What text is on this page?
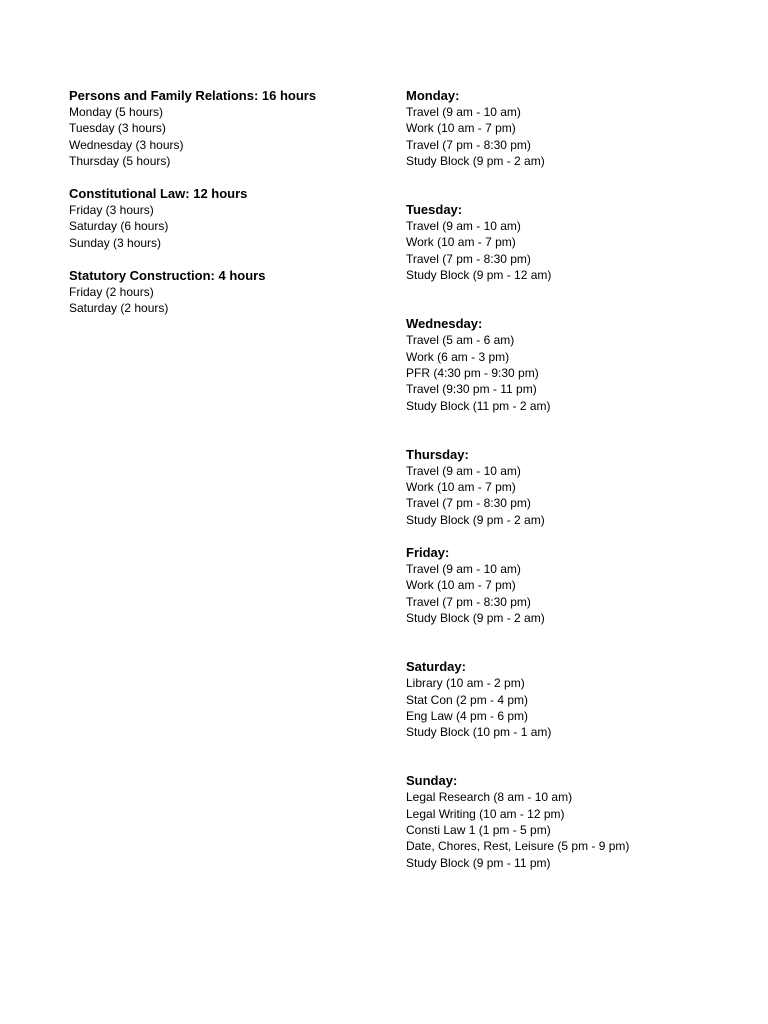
Persons and Family Relations: 16 hours
Monday (5 hours)
Tuesday (3 hours)
Wednesday (3 hours)
Thursday (5 hours)
Constitutional Law: 12 hours
Friday (3 hours)
Saturday (6 hours)
Sunday (3 hours)
Statutory Construction: 4 hours
Friday (2 hours)
Saturday (2 hours)
Monday:
Travel (9 am - 10 am)
Work (10 am - 7 pm)
Travel (7 pm - 8:30 pm)
Study Block (9 pm - 2 am)
Tuesday:
Travel (9 am - 10 am)
Work (10 am - 7 pm)
Travel (7 pm - 8:30 pm)
Study Block (9 pm - 12 am)
Wednesday:
Travel (5 am - 6 am)
Work (6 am - 3 pm)
PFR (4:30 pm - 9:30 pm)
Travel (9:30 pm - 11 pm)
Study Block (11 pm - 2 am)
Thursday:
Travel (9 am - 10 am)
Work (10 am - 7 pm)
Travel (7 pm - 8:30 pm)
Study Block (9 pm - 2 am)
Friday:
Travel (9 am - 10 am)
Work (10 am - 7 pm)
Travel (7 pm - 8:30 pm)
Study Block (9 pm - 2 am)
Saturday:
Library (10 am - 2 pm)
Stat Con (2 pm - 4 pm)
Eng Law (4 pm - 6 pm)
Study Block (10 pm - 1 am)
Sunday:
Legal Research (8 am - 10 am)
Legal Writing (10 am - 12 pm)
Consti Law 1 (1 pm - 5 pm)
Date, Chores, Rest, Leisure (5 pm - 9 pm)
Study Block (9 pm - 11 pm)
